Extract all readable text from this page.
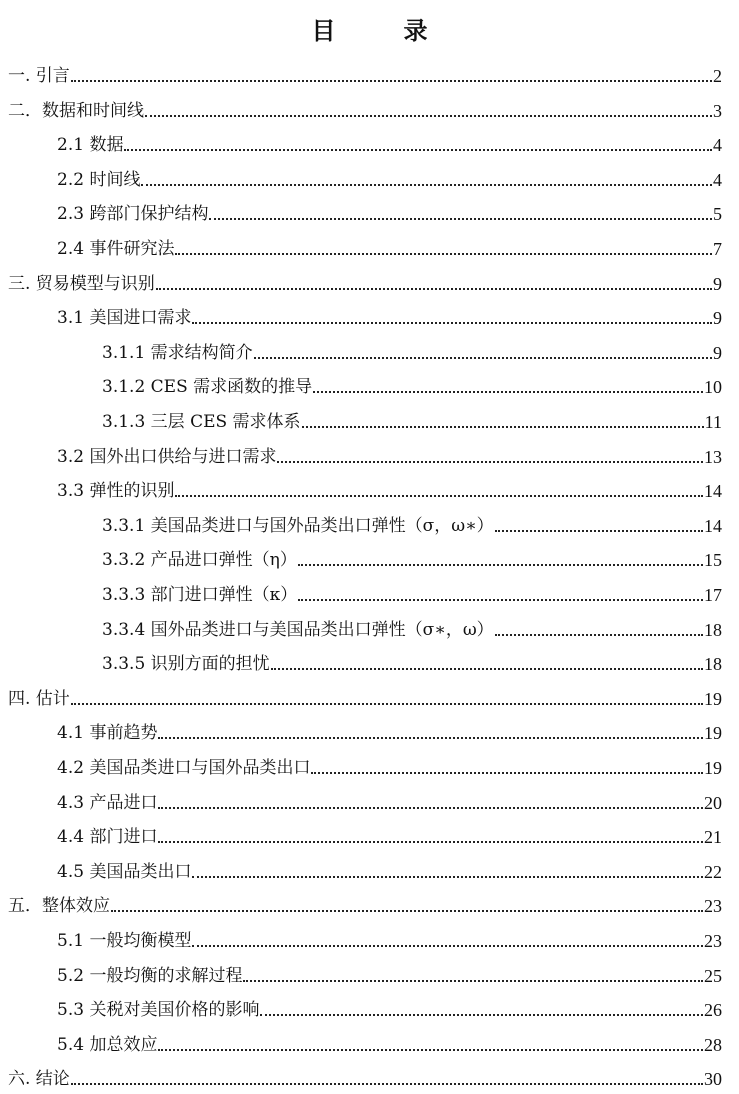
目　录
一. 引言	2
二．数据和时间线	3
2.1 数据	4
2.2 时间线	4
2.3 跨部门保护结构	5
2.4 事件研究法	7
三. 贸易模型与识别	9
3.1 美国进口需求	9
3.1.1 需求结构简介	9
3.1.2 CES 需求函数的推导	10
3.1.3 三层 CES 需求体系	11
3.2 国外出口供给与进口需求	13
3.3 弹性的识别	14
3.3.1 美国品类进口与国外品类出口弹性（σ，ω∗）	14
3.3.2 产品进口弹性（η）	15
3.3.3 部门进口弹性（κ）	17
3.3.4 国外品类进口与美国品类出口弹性（σ∗，ω）	18
3.3.5 识别方面的担忧	18
四. 估计	19
4.1 事前趋势	19
4.2 美国品类进口与国外品类出口	19
4.3 产品进口	20
4.4 部门进口	21
4.5 美国品类出口	22
五．整体效应	23
5.1 一般均衡模型	23
5.2 一般均衡的求解过程	25
5.3 关税对美国价格的影响	26
5.4 加总效应	28
六. 结论	30
